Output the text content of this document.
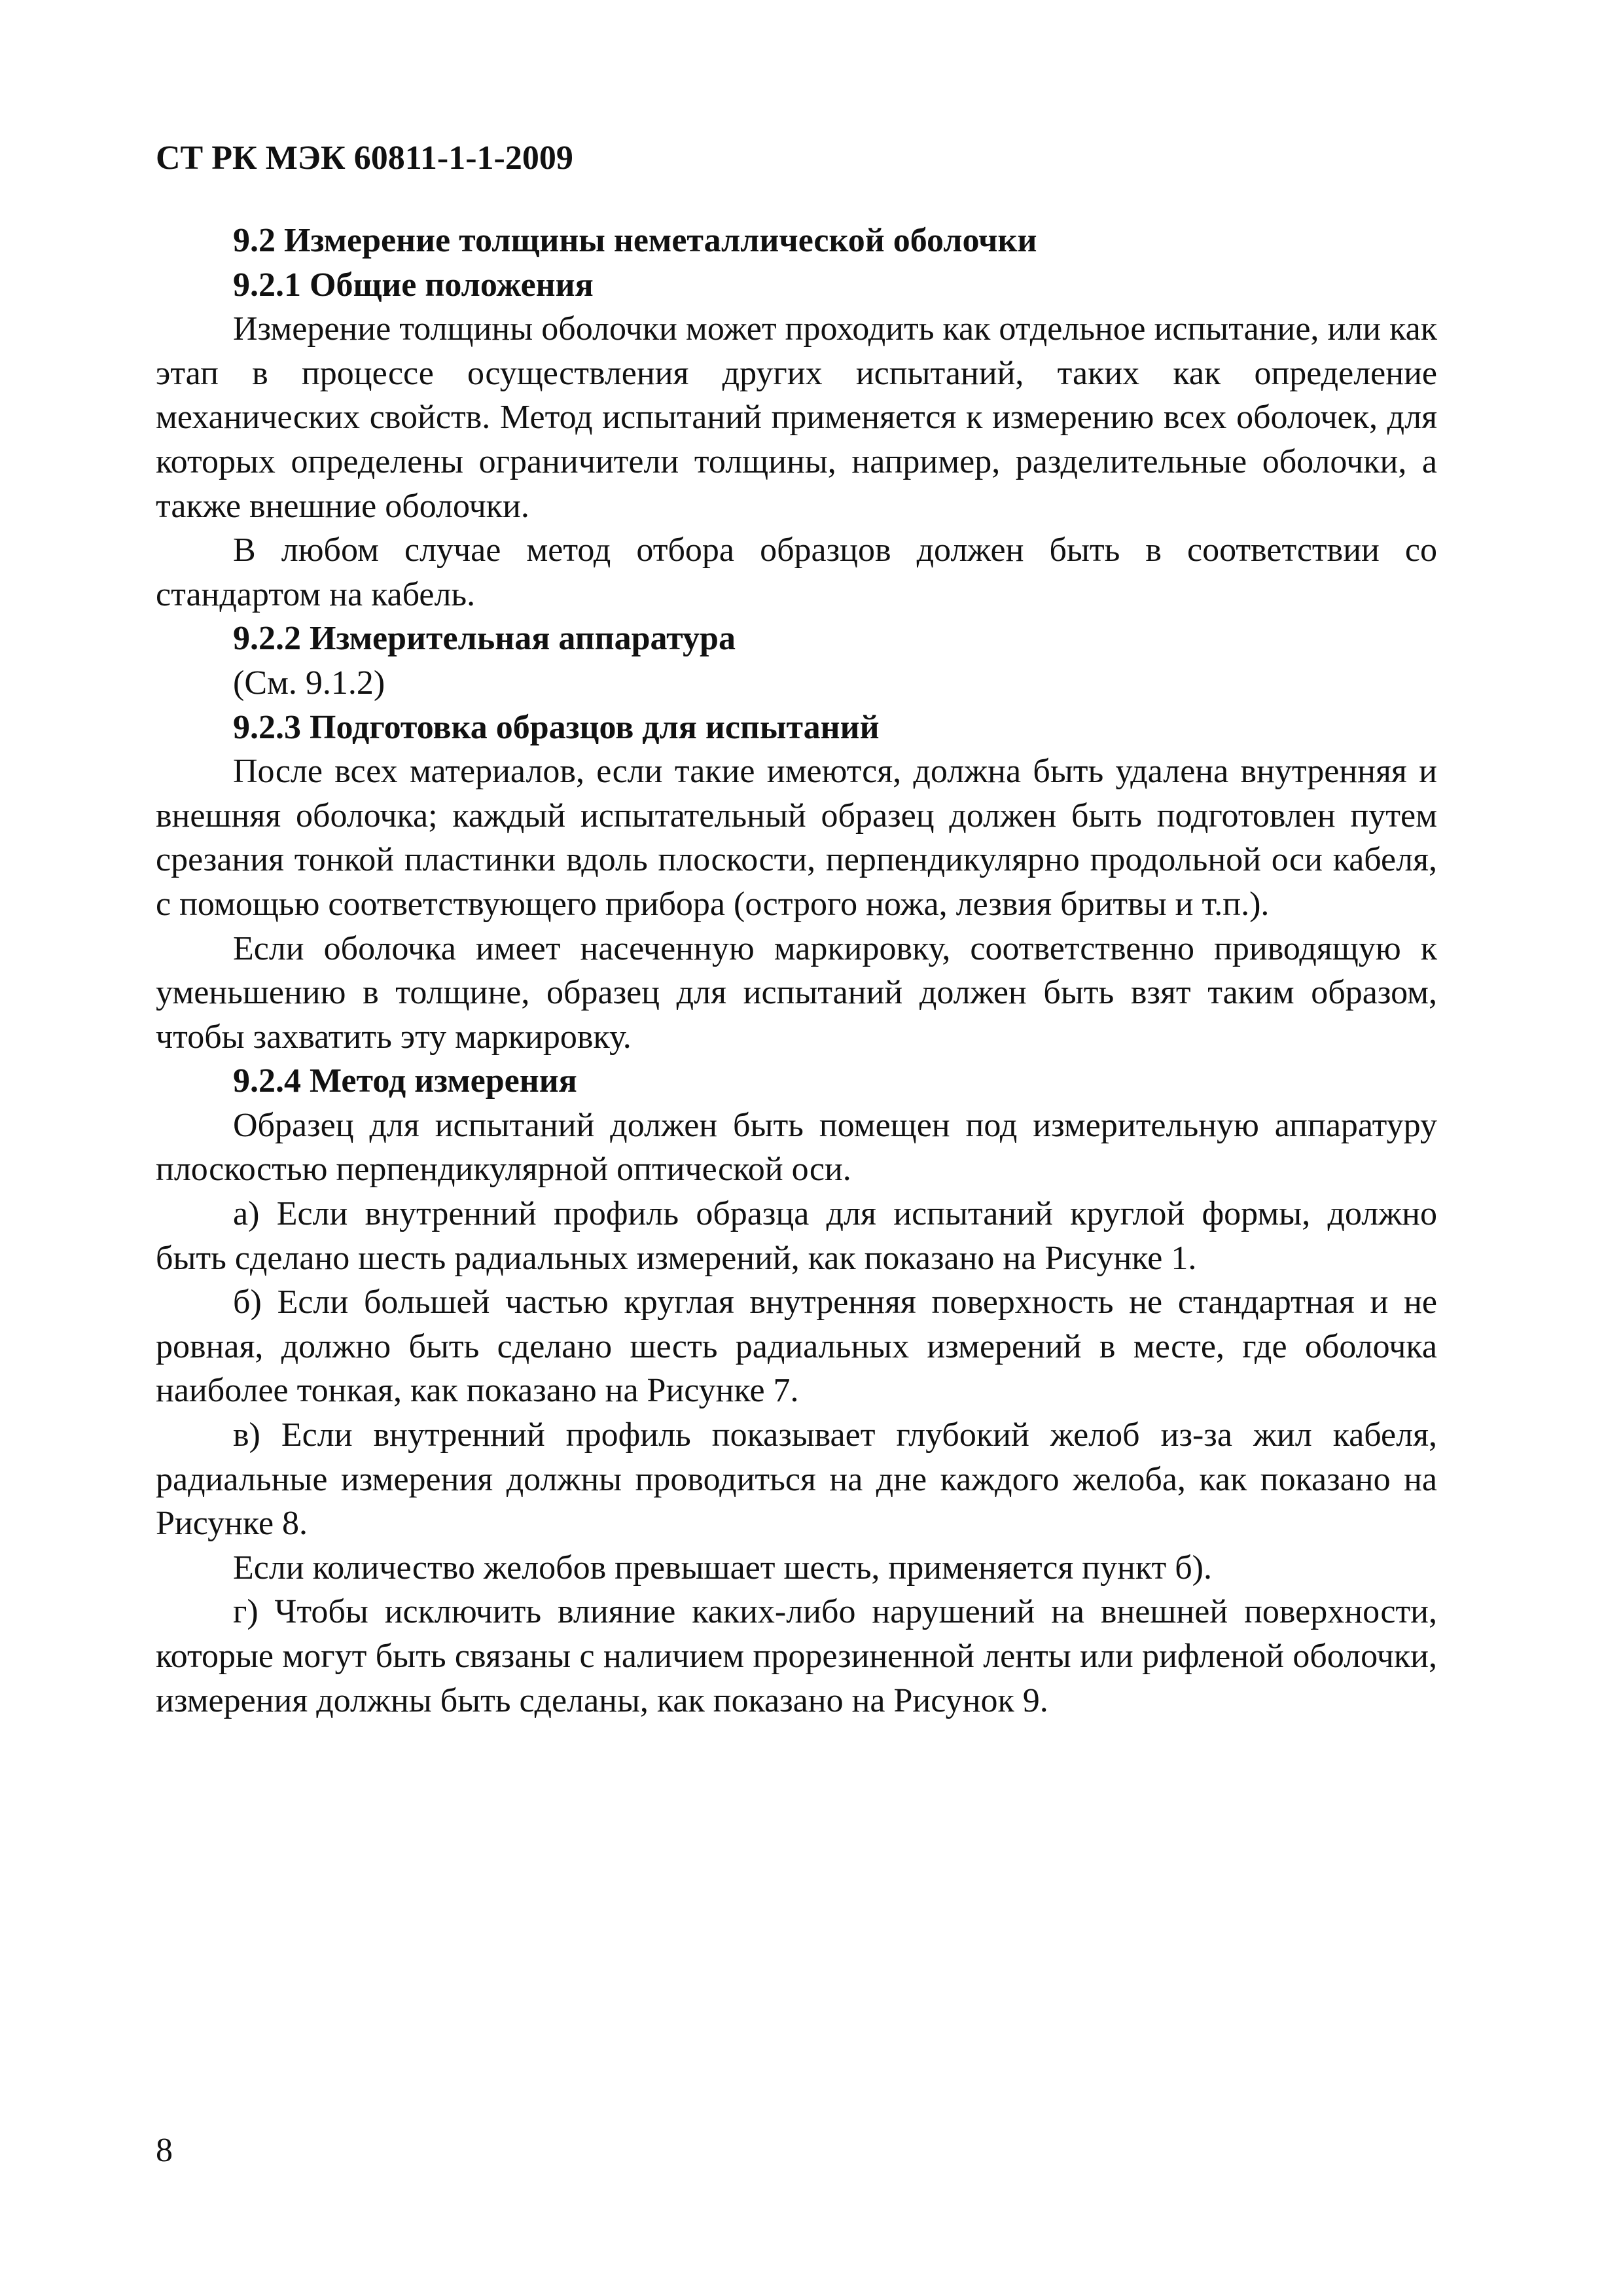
СТ РК МЭК 60811-1-1-2009
9.2 Измерение толщины неметаллической оболочки
9.2.1 Общие положения

Измерение толщины оболочки может проходить как отдельное испытание, или как этап в процессе осуществления других испытаний, таких как определение механических свойств. Метод испытаний применяется к измерению всех оболочек, для которых определены ограничители толщины, например, разделительные оболочки, а также внешние оболочки.

В любом случае метод отбора образцов должен быть в соответствии со стандартом на кабель.

9.2.2 Измерительная аппаратура

(См. 9.1.2)

9.2.3 Подготовка образцов для испытаний

После всех материалов, если такие имеются, должна быть удалена внутренняя и внешняя оболочка; каждый испытательный образец должен быть подготовлен путем срезания тонкой пластинки вдоль плоскости, перпендикулярно продольной оси кабеля, с помощью соответствующего прибора (острого ножа, лезвия бритвы и т.п.).

Если оболочка имеет насеченную маркировку, соответственно приводящую к уменьшению в толщине, образец для испытаний должен быть взят таким образом, чтобы захватить эту маркировку.

9.2.4 Метод измерения

Образец для испытаний должен быть помещен под измерительную аппаратуру плоскостью перпендикулярной оптической оси.

а) Если внутренний профиль образца для испытаний круглой формы, должно быть сделано шесть радиальных измерений, как показано на Рисунке 1.

б) Если большей частью круглая внутренняя поверхность не стандартная и не ровная, должно быть сделано шесть радиальных измерений в месте, где оболочка наиболее тонкая, как показано на Рисунке 7.

в) Если внутренний профиль показывает глубокий желоб из-за жил кабеля, радиальные измерения должны проводиться на дне каждого желоба, как показано на Рисунке 8.

Если количество желобов превышает шесть, применяется пункт б).

г) Чтобы исключить влияние каких-либо нарушений на внешней поверхности, которые могут быть связаны с наличием прорезиненной ленты или рифленой оболочки, измерения должны быть сделаны, как показано на Рисунок 9.

8
